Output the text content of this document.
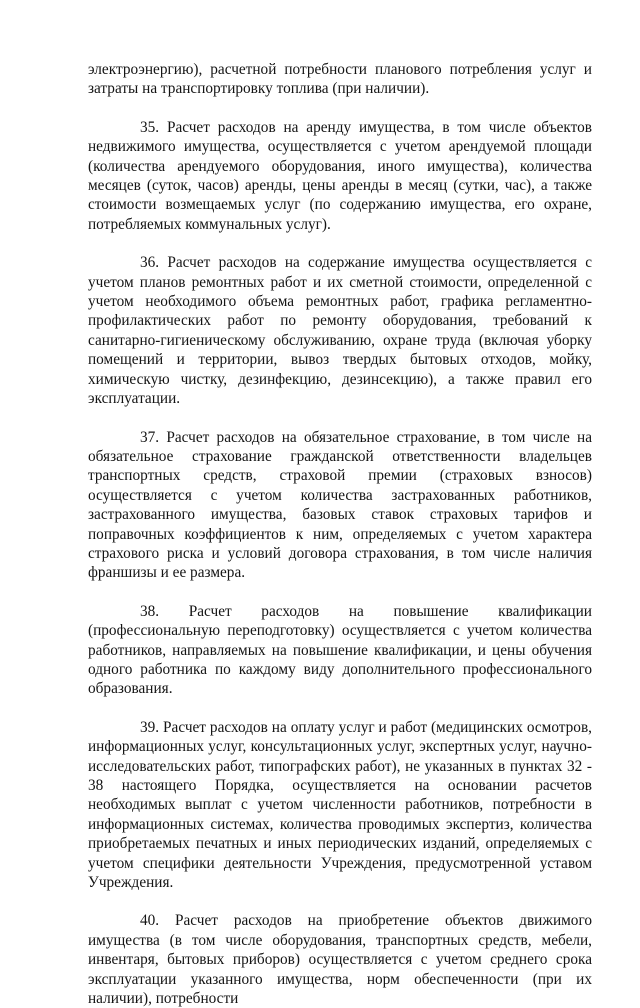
электроэнергию), расчетной потребности планового потребления услуг и затраты на транспортировку топлива (при наличии).

35. Расчет расходов на аренду имущества, в том числе объектов недвижимого имущества, осуществляется с учетом арендуемой площади (количества арендуемого оборудования, иного имущества), количества месяцев (суток, часов) аренды, цены аренды в месяц (сутки, час), а также стоимости возмещаемых услуг (по содержанию имущества, его охране, потребляемых коммунальных услуг).

36. Расчет расходов на содержание имущества осуществляется с учетом планов ремонтных работ и их сметной стоимости, определенной с учетом необходимого объема ремонтных работ, графика регламентно-профилактических работ по ремонту оборудования, требований к санитарно-гигиеническому обслуживанию, охране труда (включая уборку помещений и территории, вывоз твердых бытовых отходов, мойку, химическую чистку, дезинфекцию, дезинсекцию), а также правил его эксплуатации.

37. Расчет расходов на обязательное страхование, в том числе на обязательное страхование гражданской ответственности владельцев транспортных средств, страховой премии (страховых взносов) осуществляется с учетом количества застрахованных работников, застрахованного имущества, базовых ставок страховых тарифов и поправочных коэффициентов к ним, определяемых с учетом характера страхового риска и условий договора страхования, в том числе наличия франшизы и ее размера.

38. Расчет расходов на повышение квалификации (профессиональную переподготовку) осуществляется с учетом количества работников, направляемых на повышение квалификации, и цены обучения одного работника по каждому виду дополнительного профессионального образования.

39. Расчет расходов на оплату услуг и работ (медицинских осмотров, информационных услуг, консультационных услуг, экспертных услуг, научно-исследовательских работ, типографских работ), не указанных в пунктах 32 - 38 настоящего Порядка, осуществляется на основании расчетов необходимых выплат с учетом численности работников, потребности в информационных системах, количества проводимых экспертиз, количества приобретаемых печатных и иных периодических изданий, определяемых с учетом специфики деятельности Учреждения, предусмотренной уставом Учреждения.

40. Расчет расходов на приобретение объектов движимого имущества (в том числе оборудования, транспортных средств, мебели, инвентаря, бытовых приборов) осуществляется с учетом среднего срока эксплуатации указанного имущества, норм обеспеченности (при их наличии), потребности
